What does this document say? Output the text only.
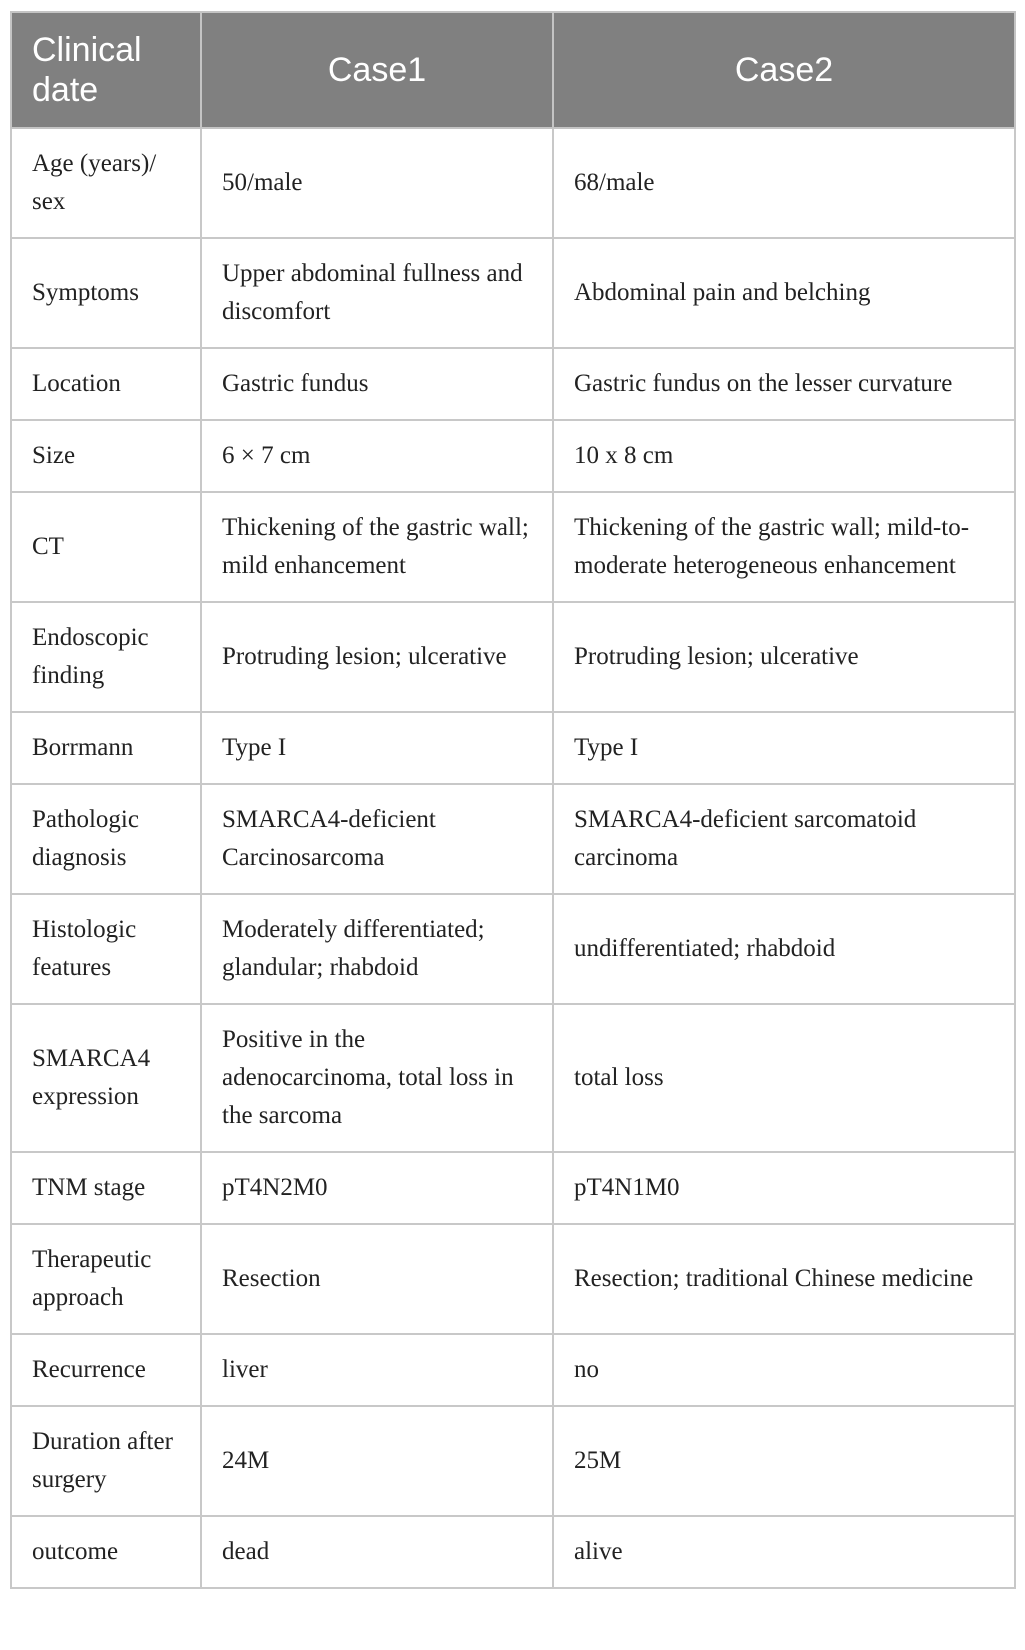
Clinical date	Case1	Case2
Age (years)/ sex	50/male	68/male
Symptoms	Upper abdominal fullness and discomfort	Abdominal pain and belching
Location	Gastric fundus	Gastric fundus on the lesser curvature
Size	6 × 7 cm	10 x 8 cm
CT	Thickening of the gastric wall; mild enhancement	Thickening of the gastric wall; mild-to-moderate heterogeneous enhancement
Endoscopic finding	Protruding lesion; ulcerative	Protruding lesion; ulcerative
Borrmann	Type I	Type I
Pathologic diagnosis	SMARCA4-deficient Carcinosarcoma	SMARCA4-deficient sarcomatoid carcinoma
Histologic features	Moderately differentiated; glandular; rhabdoid	undifferentiated; rhabdoid
SMARCA4 expression	Positive in the adenocarcinoma, total loss in the sarcoma	total loss
TNM stage	pT4N2M0	pT4N1M0
Therapeutic approach	Resection	Resection; traditional Chinese medicine
Recurrence	liver	no
Duration after surgery	24M	25M
outcome	dead	alive
